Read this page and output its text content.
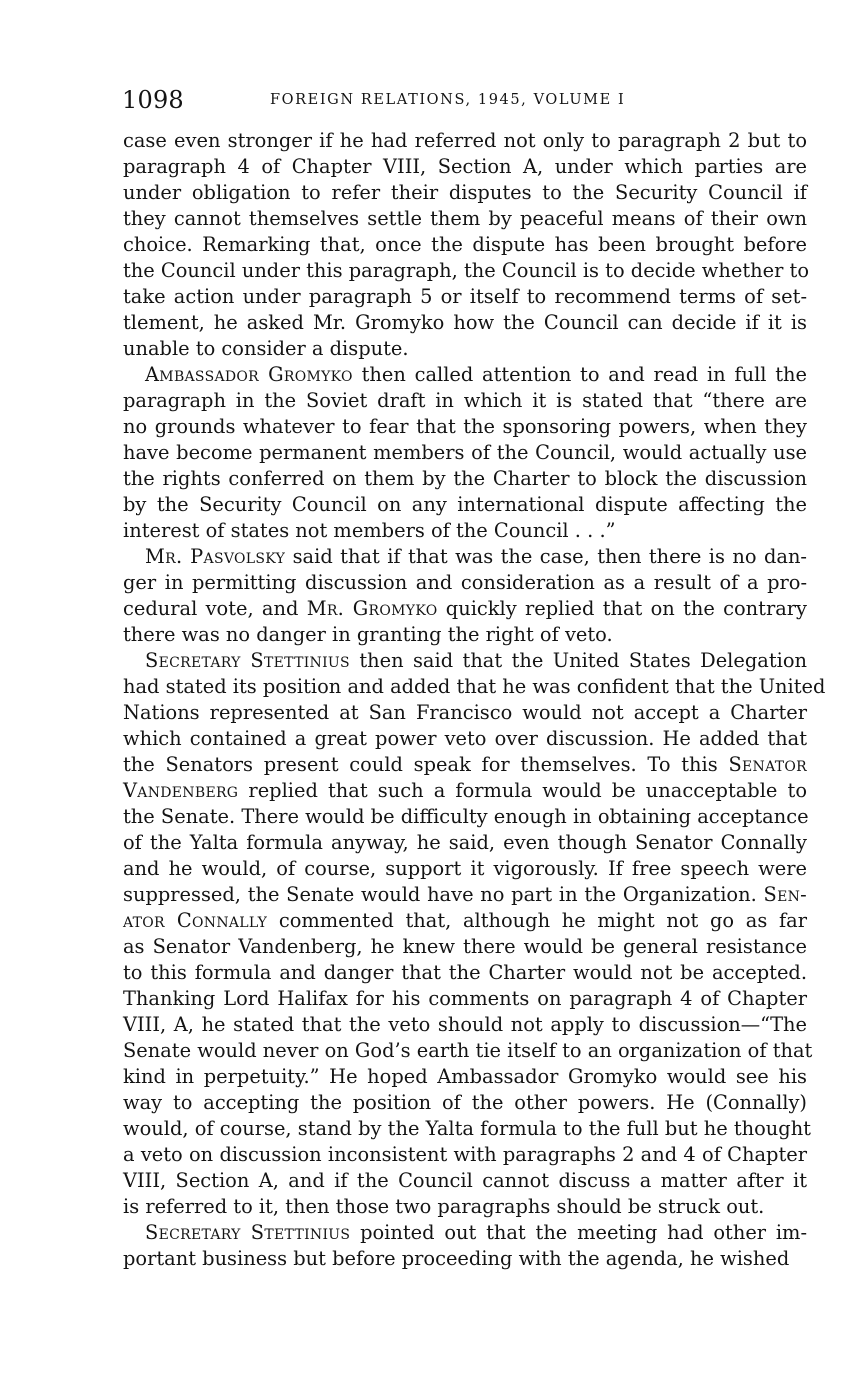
1098	FOREIGN RELATIONS, 1945, VOLUME I
case even stronger if he had referred not only to paragraph 2 but to
paragraph 4 of Chapter VIII, Section A, under which parties are
under obligation to refer their disputes to the Security Council if
they cannot themselves settle them by peaceful means of their own
choice. Remarking that, once the dispute has been brought before
the Council under this paragraph, the Council is to decide whether to
take action under paragraph 5 or itself to recommend terms of set-
tlement, he asked Mr. Gromyko how the Council can decide if it is
unable to consider a dispute.
Ambassador Gromyko then called attention to and read in full the
paragraph in the Soviet draft in which it is stated that “there are
no grounds whatever to fear that the sponsoring powers, when they
have become permanent members of the Council, would actually use
the rights conferred on them by the Charter to block the discussion
by the Security Council on any international dispute affecting the
interest of states not members of the Council . . .”
Mr. Pasvolsky said that if that was the case, then there is no dan-
ger in permitting discussion and consideration as a result of a pro-
cedural vote, and Mr. Gromyko quickly replied that on the contrary
there was no danger in granting the right of veto.
Secretary Stettinius then said that the United States Delegation
had stated its position and added that he was confident that the United
Nations represented at San Francisco would not accept a Charter
which contained a great power veto over discussion. He added that
the Senators present could speak for themselves. To this Senator
Vandenberg replied that such a formula would be unacceptable to
the Senate. There would be difficulty enough in obtaining acceptance
of the Yalta formula anyway, he said, even though Senator Connally
and he would, of course, support it vigorously. If free speech were
suppressed, the Senate would have no part in the Organization. Sen-
ator Connally commented that, although he might not go as far
as Senator Vandenberg, he knew there would be general resistance
to this formula and danger that the Charter would not be accepted.
Thanking Lord Halifax for his comments on paragraph 4 of Chapter
VIII, A, he stated that the veto should not apply to discussion—“The
Senate would never on God’s earth tie itself to an organization of that
kind in perpetuity.” He hoped Ambassador Gromyko would see his
way to accepting the position of the other powers. He (Connally)
would, of course, stand by the Yalta formula to the full but he thought
a veto on discussion inconsistent with paragraphs 2 and 4 of Chapter
VIII, Section A, and if the Council cannot discuss a matter after it
is referred to it, then those two paragraphs should be struck out.
Secretary Stettinius pointed out that the meeting had other im-
portant business but before proceeding with the agenda, he wished
